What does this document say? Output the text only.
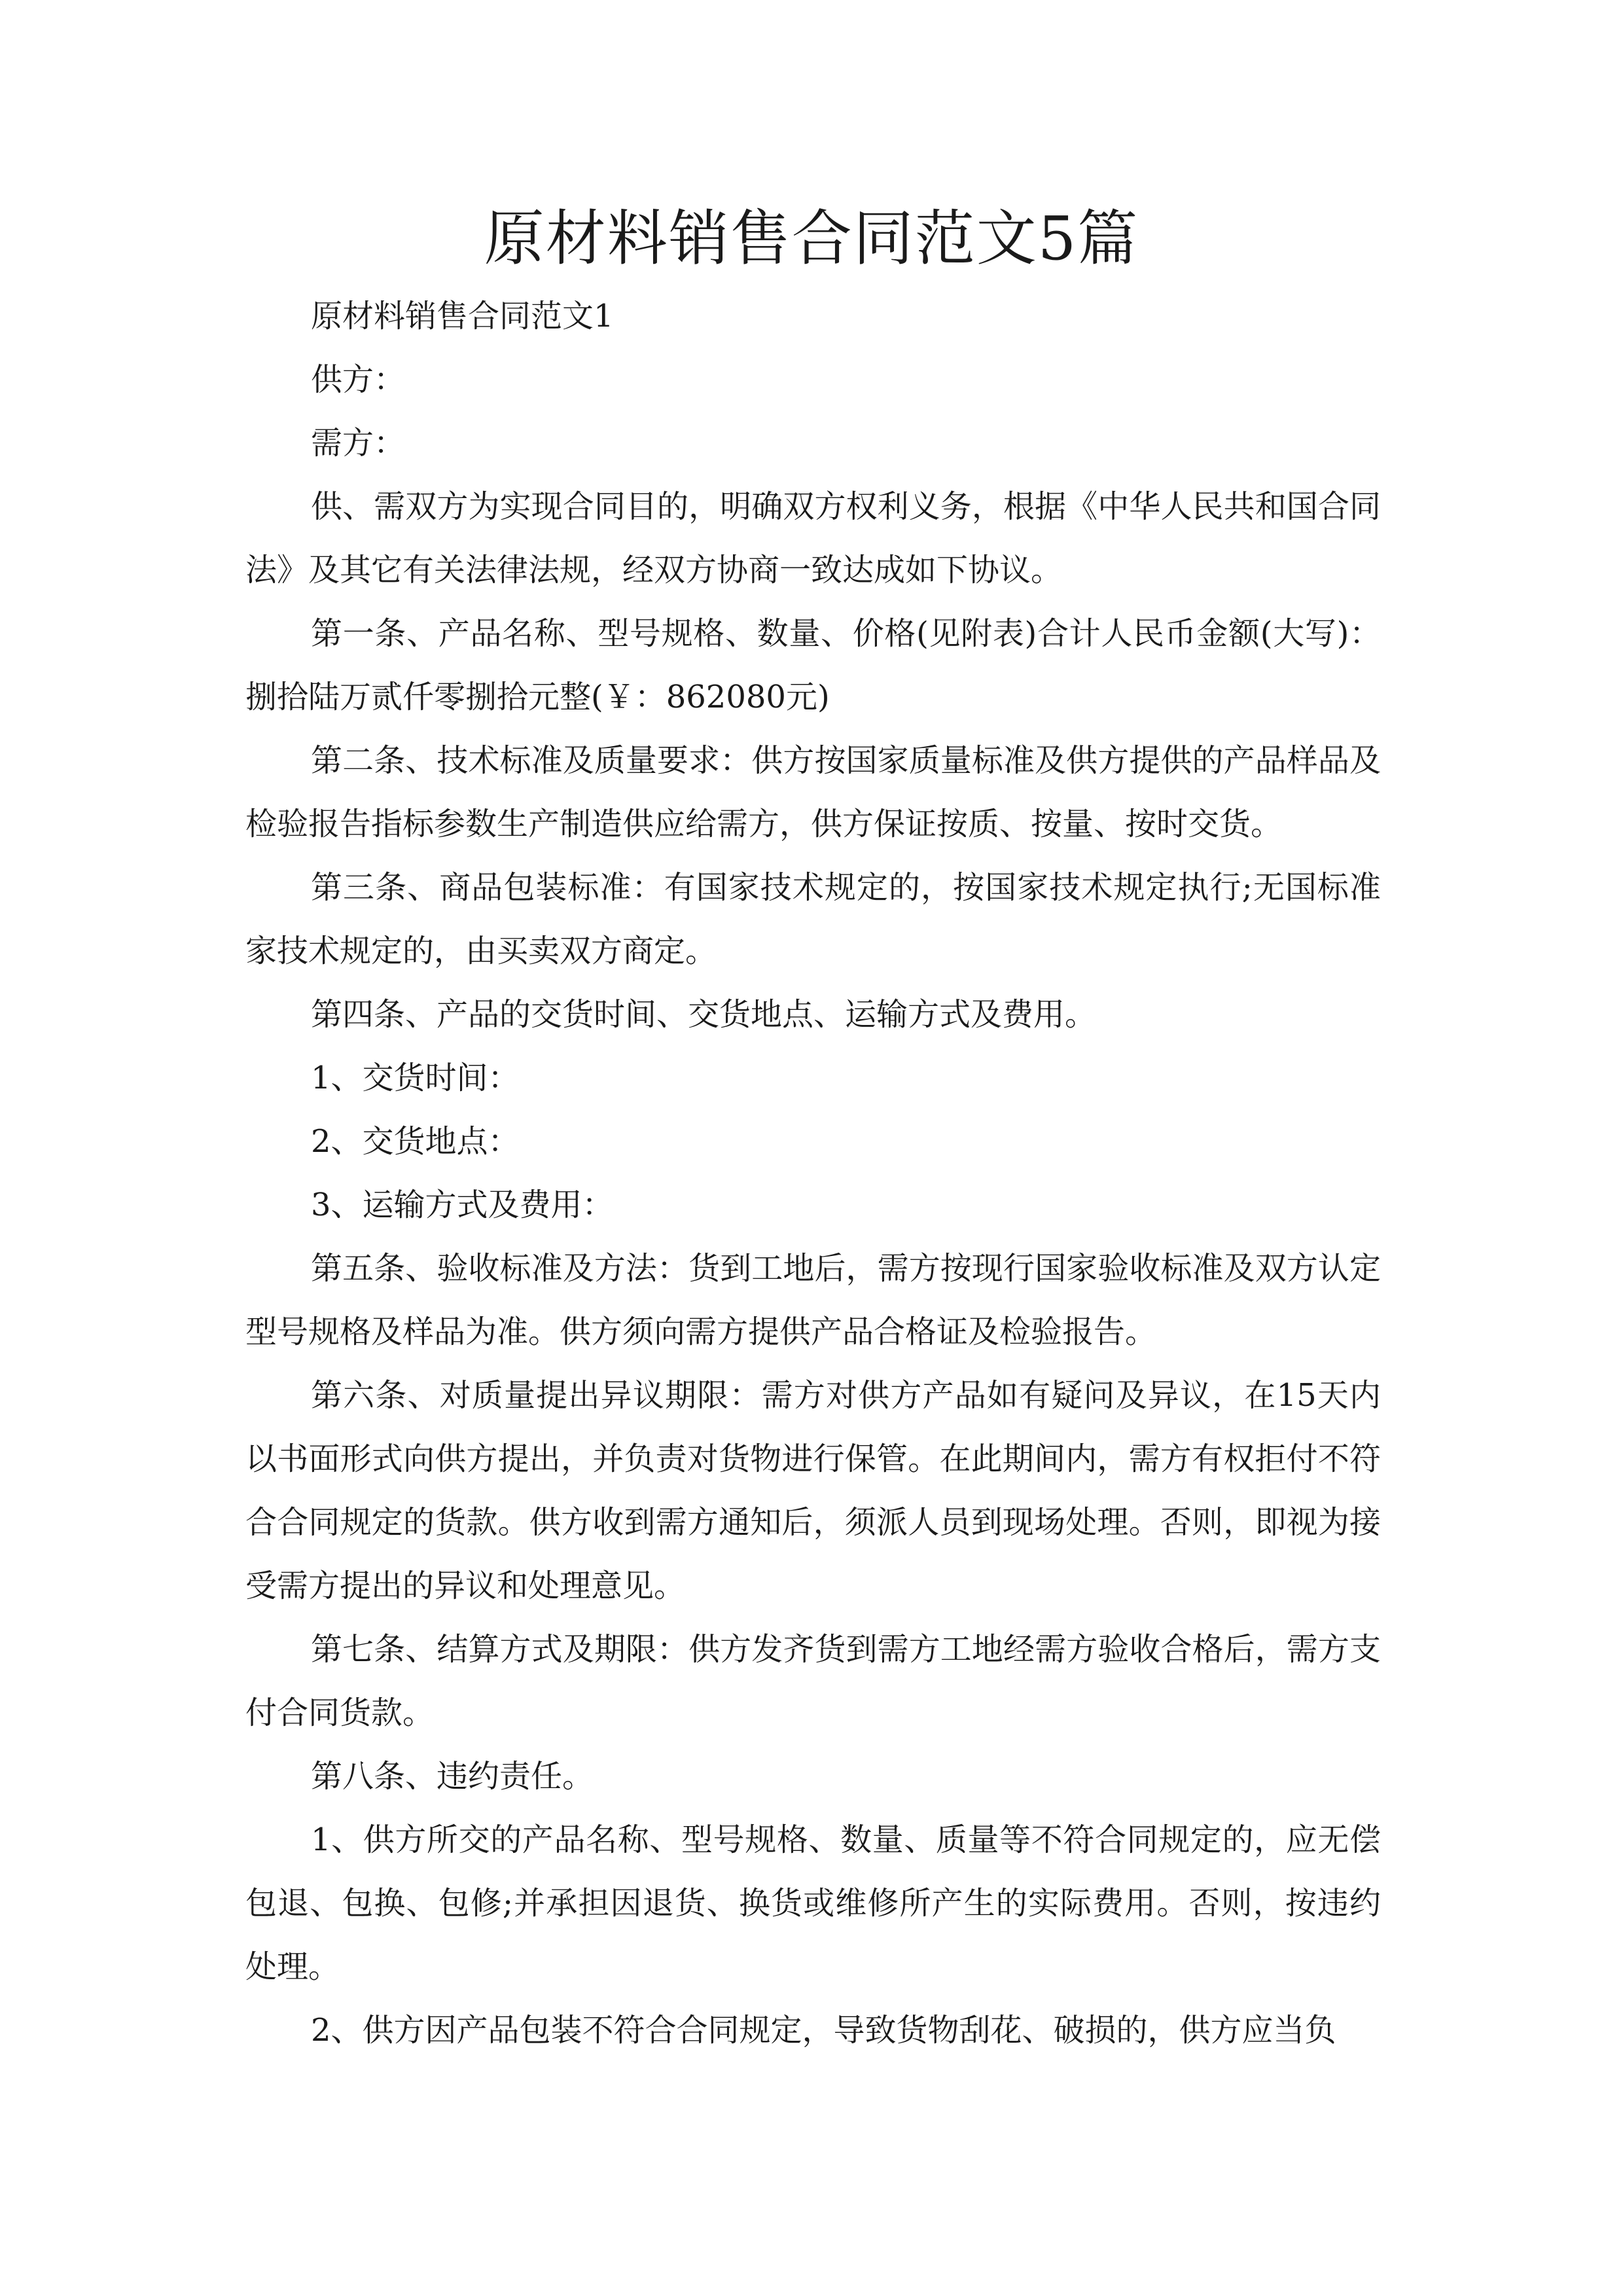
原材料销售合同范文5篇

原材料销售合同范文1

供方：

需方：

供、需双方为实现合同目的，明确双方权利义务，根据《中华人民共和国合同法》及其它有关法律法规，经双方协商一致达成如下协议。

第一条、产品名称、型号规格、数量、价格(见附表)合计人民币金额(大写)：捌拾陆万贰仟零捌拾元整(￥：862080元)

第二条、技术标准及质量要求：供方按国家质量标准及供方提供的产品样品及检验报告指标参数生产制造供应给需方，供方保证按质、按量、按时交货。

第三条、商品包装标准：有国家技术规定的，按国家技术规定执行;无国标准家技术规定的，由买卖双方商定。

第四条、产品的交货时间、交货地点、运输方式及费用。

1、交货时间：

2、交货地点：

3、运输方式及费用：

第五条、验收标准及方法：货到工地后，需方按现行国家验收标准及双方认定型号规格及样品为准。供方须向需方提供产品合格证及检验报告。

第六条、对质量提出异议期限：需方对供方产品如有疑问及异议，在15天内以书面形式向供方提出，并负责对货物进行保管。在此期间内，需方有权拒付不符合合同规定的货款。供方收到需方通知后，须派人员到现场处理。否则，即视为接受需方提出的异议和处理意见。

第七条、结算方式及期限：供方发齐货到需方工地经需方验收合格后，需方支付合同货款。

第八条、违约责任。

1、供方所交的产品名称、型号规格、数量、质量等不符合同规定的，应无偿包退、包换、包修;并承担因退货、换货或维修所产生的实际费用。否则，按违约处理。

2、供方因产品包装不符合合同规定，导致货物刮花、破损的，供方应当负
